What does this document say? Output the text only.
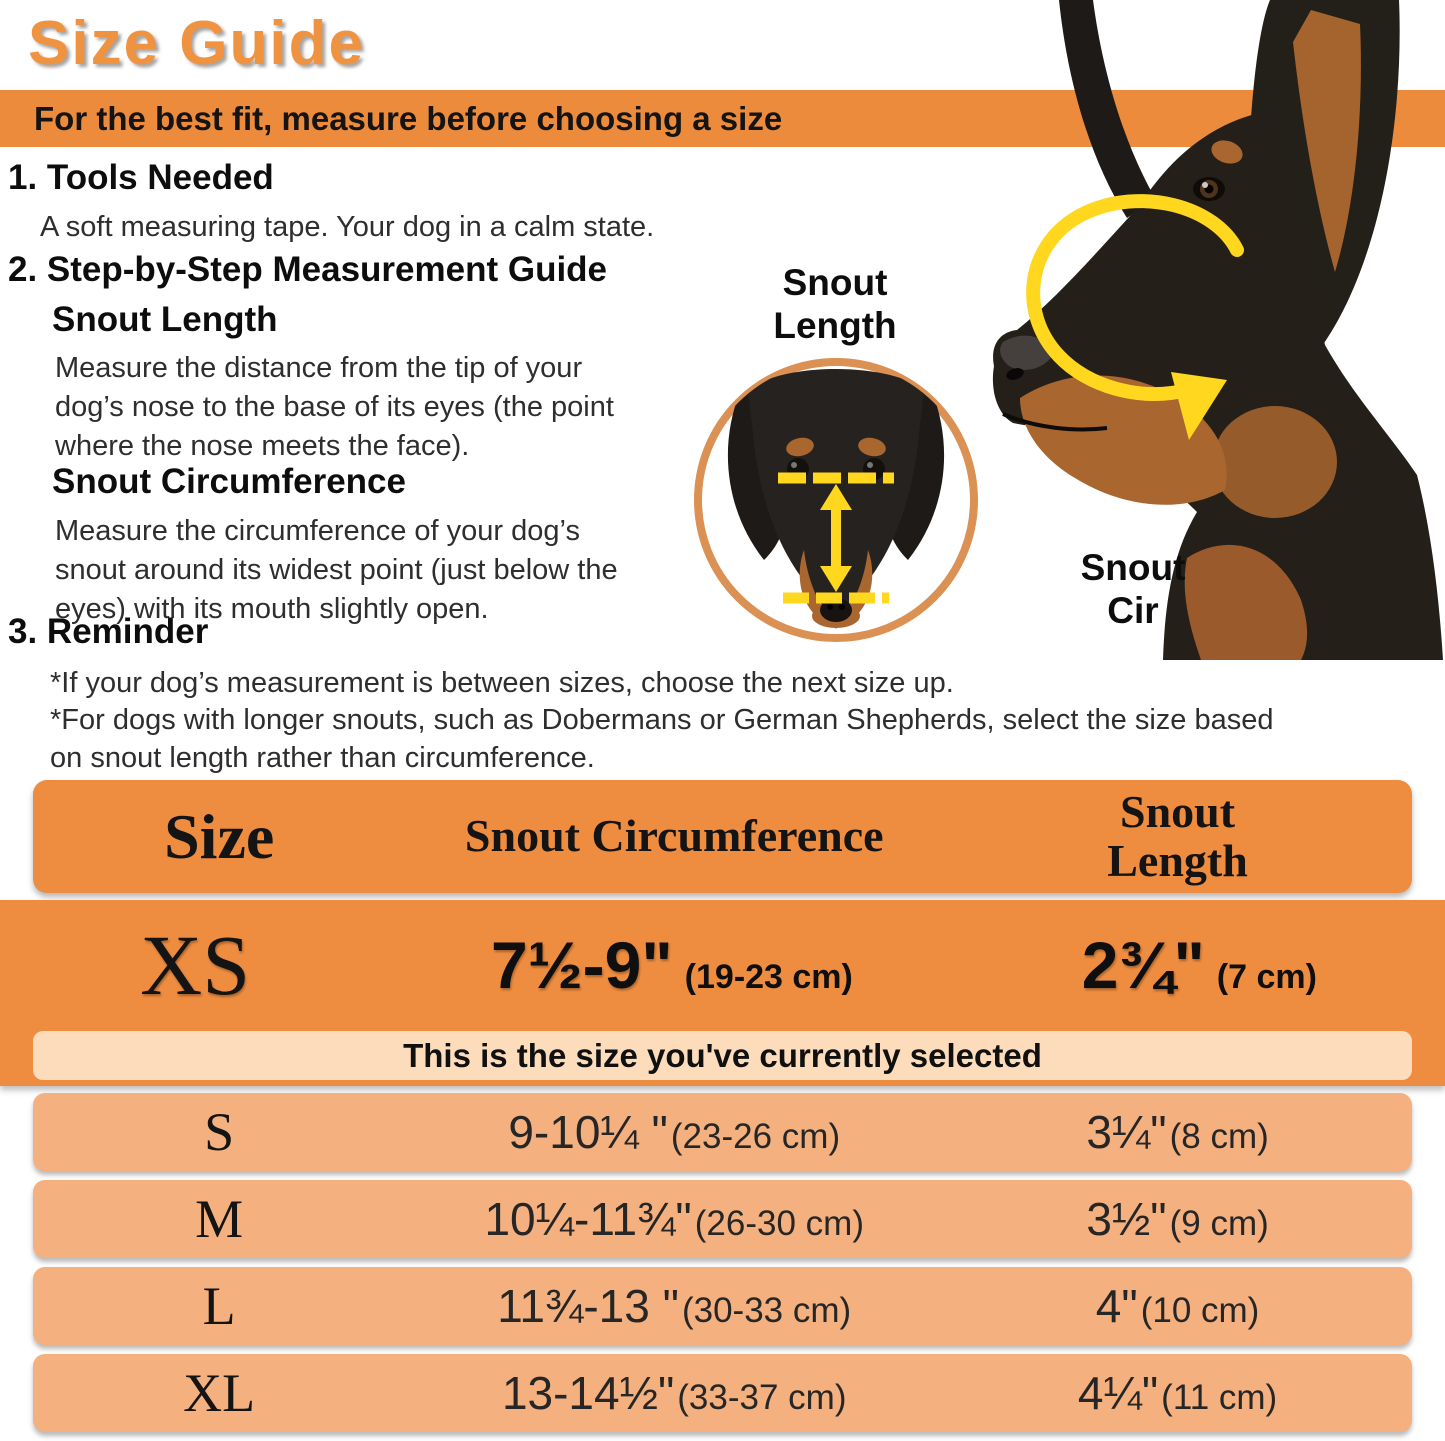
Size Guide
For the best fit, measure before choosing a size
1. Tools Needed
A soft measuring tape. Your dog in a calm state.
2. Step-by-Step Measurement Guide
Snout Length
Measure the distance from the tip of your dog’s nose to the base of its eyes (the point where the nose meets the face).
Snout Circumference
Measure the circumference of your dog’s snout around its widest point (just below the eyes) with its mouth slightly open.
3. Reminder
*If your dog’s measurement is between sizes, choose the next size up.
*For dogs with longer snouts, such as Dobermans or German Shepherds, select the size based on snout length rather than circumference.
Snout Length
Snout Cir
Size	Snout Circumference	Snout Length
XS	7½-9" (19-23 cm)	2¾" (7 cm)
This is the size you've currently selected
S	9-10¼ " (23-26 cm)	3¼" (8 cm)
M	10¼-11¾" (26-30 cm)	3½" (9 cm)
L	11¾-13 " (30-33 cm)	4" (10 cm)
XL	13-14½" (33-37 cm)	4¼" (11 cm)
